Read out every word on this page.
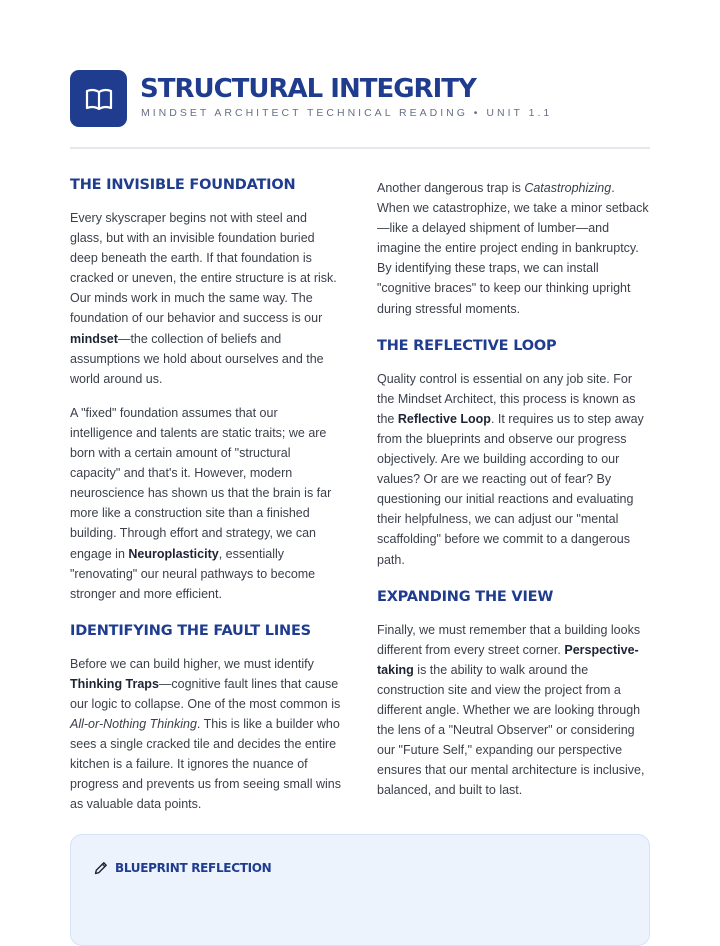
STRUCTURAL INTEGRITY
MINDSET ARCHITECT TECHNICAL READING • UNIT 1.1
THE INVISIBLE FOUNDATION

Every skyscraper begins not with steel and glass, but with an invisible foundation buried deep beneath the earth. If that foundation is cracked or uneven, the entire structure is at risk. Our minds work in much the same way. The foundation of our behavior and success is our mindset—the collection of beliefs and assumptions we hold about ourselves and the world around us.

A "fixed" foundation assumes that our intelligence and talents are static traits; we are born with a certain amount of "structural capacity" and that's it. However, modern neuroscience has shown us that the brain is far more like a construction site than a finished building. Through effort and strategy, we can engage in Neuroplasticity, essentially "renovating" our neural pathways to become stronger and more efficient.

IDENTIFYING THE FAULT LINES

Before we can build higher, we must identify Thinking Traps—cognitive fault lines that cause our logic to collapse. One of the most common is All-or-Nothing Thinking. This is like a builder who sees a single cracked tile and decides the entire kitchen is a failure. It ignores the nuance of progress and prevents us from seeing small wins as valuable data points.

Another dangerous trap is Catastrophizing. When we catastrophize, we take a minor setback—like a delayed shipment of lumber—and imagine the entire project ending in bankruptcy. By identifying these traps, we can install "cognitive braces" to keep our thinking upright during stressful moments.

THE REFLECTIVE LOOP

Quality control is essential on any job site. For the Mindset Architect, this process is known as the Reflective Loop. It requires us to step away from the blueprints and observe our progress objectively. Are we building according to our values? Or are we reacting out of fear? By questioning our initial reactions and evaluating their helpfulness, we can adjust our "mental scaffolding" before we commit to a dangerous path.

EXPANDING THE VIEW

Finally, we must remember that a building looks different from every street corner. Perspective-taking is the ability to walk around the construction site and view the project from a different angle. Whether we are looking through the lens of a "Neutral Observer" or considering our "Future Self," expanding our perspective ensures that our mental architecture is inclusive, balanced, and built to last.

BLUEPRINT REFLECTION
